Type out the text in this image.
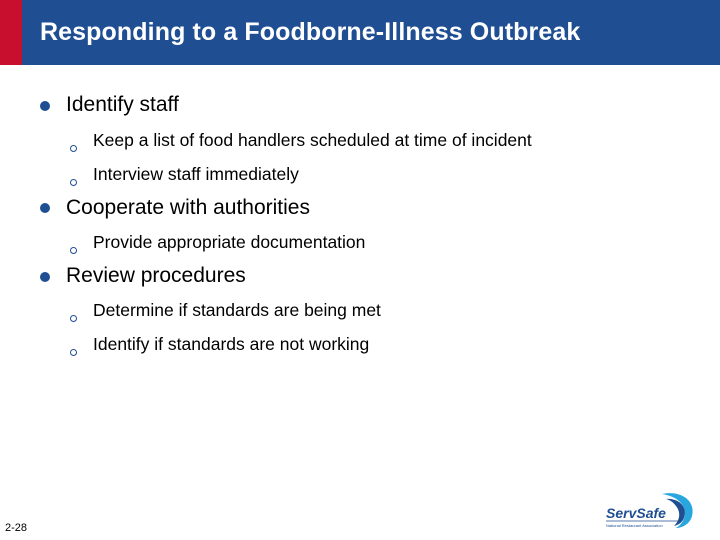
Responding to a Foodborne-Illness Outbreak
Identify staff
Keep a list of food handlers scheduled at time of incident
Interview staff immediately
Cooperate with authorities
Provide appropriate documentation
Review procedures
Determine if standards are being met
Identify if standards are not working
2-28
ServSafe
National Restaurant Association
